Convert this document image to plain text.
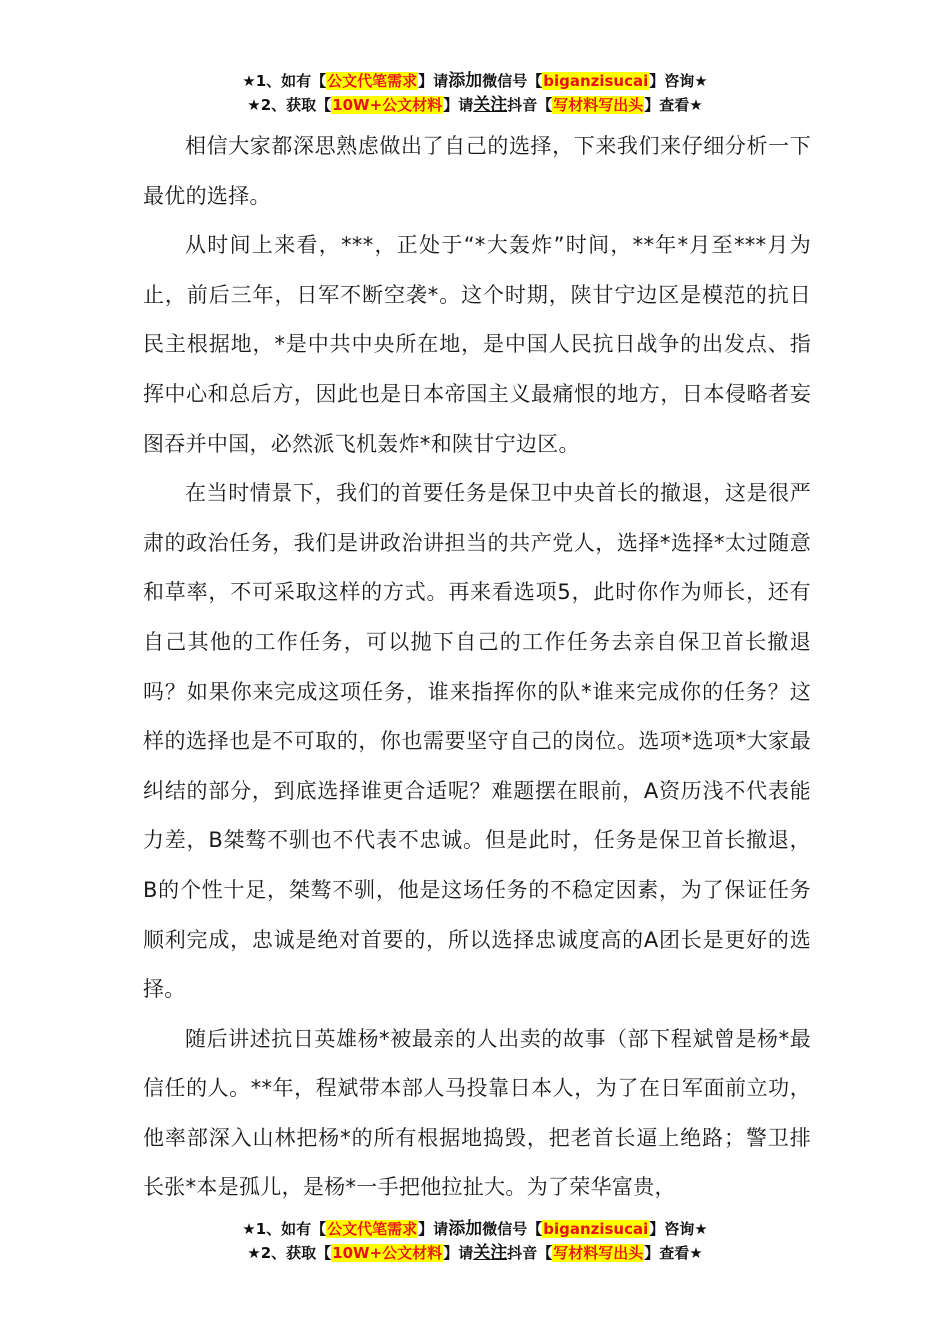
★1、如有【公文代笔需求】请添加微信号【biganzisucai】咨询★
★2、获取【10W+公文材料】请关注抖音【写材料写出头】查看★

相信大家都深思熟虑做出了自己的选择，下来我们来仔细分析一下最优的选择。

从时间上来看，***，正处于“*大轰炸”时间，**年*月至***月为止，前后三年，日军不断空袭*。这个时期，陕甘宁边区是模范的抗日民主根据地，*是中共中央所在地，是中国人民抗日战争的出发点、指挥中心和总后方，因此也是日本帝国主义最痛恨的地方，日本侵略者妄图吞并中国，必然派飞机轰炸*和陕甘宁边区。

在当时情景下，我们的首要任务是保卫中央首长的撤退，这是很严肃的政治任务，我们是讲政治讲担当的共产党人，选择*选择*太过随意和草率，不可采取这样的方式。再来看选项5，此时你作为师长，还有自己其他的工作任务，可以抛下自己的工作任务去亲自保卫首长撤退吗？如果你来完成这项任务，谁来指挥你的队*谁来完成你的任务？这样的选择也是不可取的，你也需要坚守自己的岗位。选项*选项*大家最纠结的部分，到底选择谁更合适呢？难题摆在眼前，A资历浅不代表能力差，B桀骜不驯也不代表不忠诚。但是此时，任务是保卫首长撤退，B的个性十足，桀骜不驯，他是这场任务的不稳定因素，为了保证任务顺利完成，忠诚是绝对首要的，所以选择忠诚度高的A团长是更好的选择。

随后讲述抗日英雄杨*被最亲的人出卖的故事（部下程斌曾是杨*最信任的人。**年，程斌带本部人马投靠日本人，为了在日军面前立功，他率部深入山林把杨*的所有根据地捣毁，把老首长逼上绝路；警卫排长张*本是孤儿，是杨*一手把他拉扯大。为了荣华富贵，

★1、如有【公文代笔需求】请添加微信号【biganzisucai】咨询★
★2、获取【10W+公文材料】请关注抖音【写材料写出头】查看★
